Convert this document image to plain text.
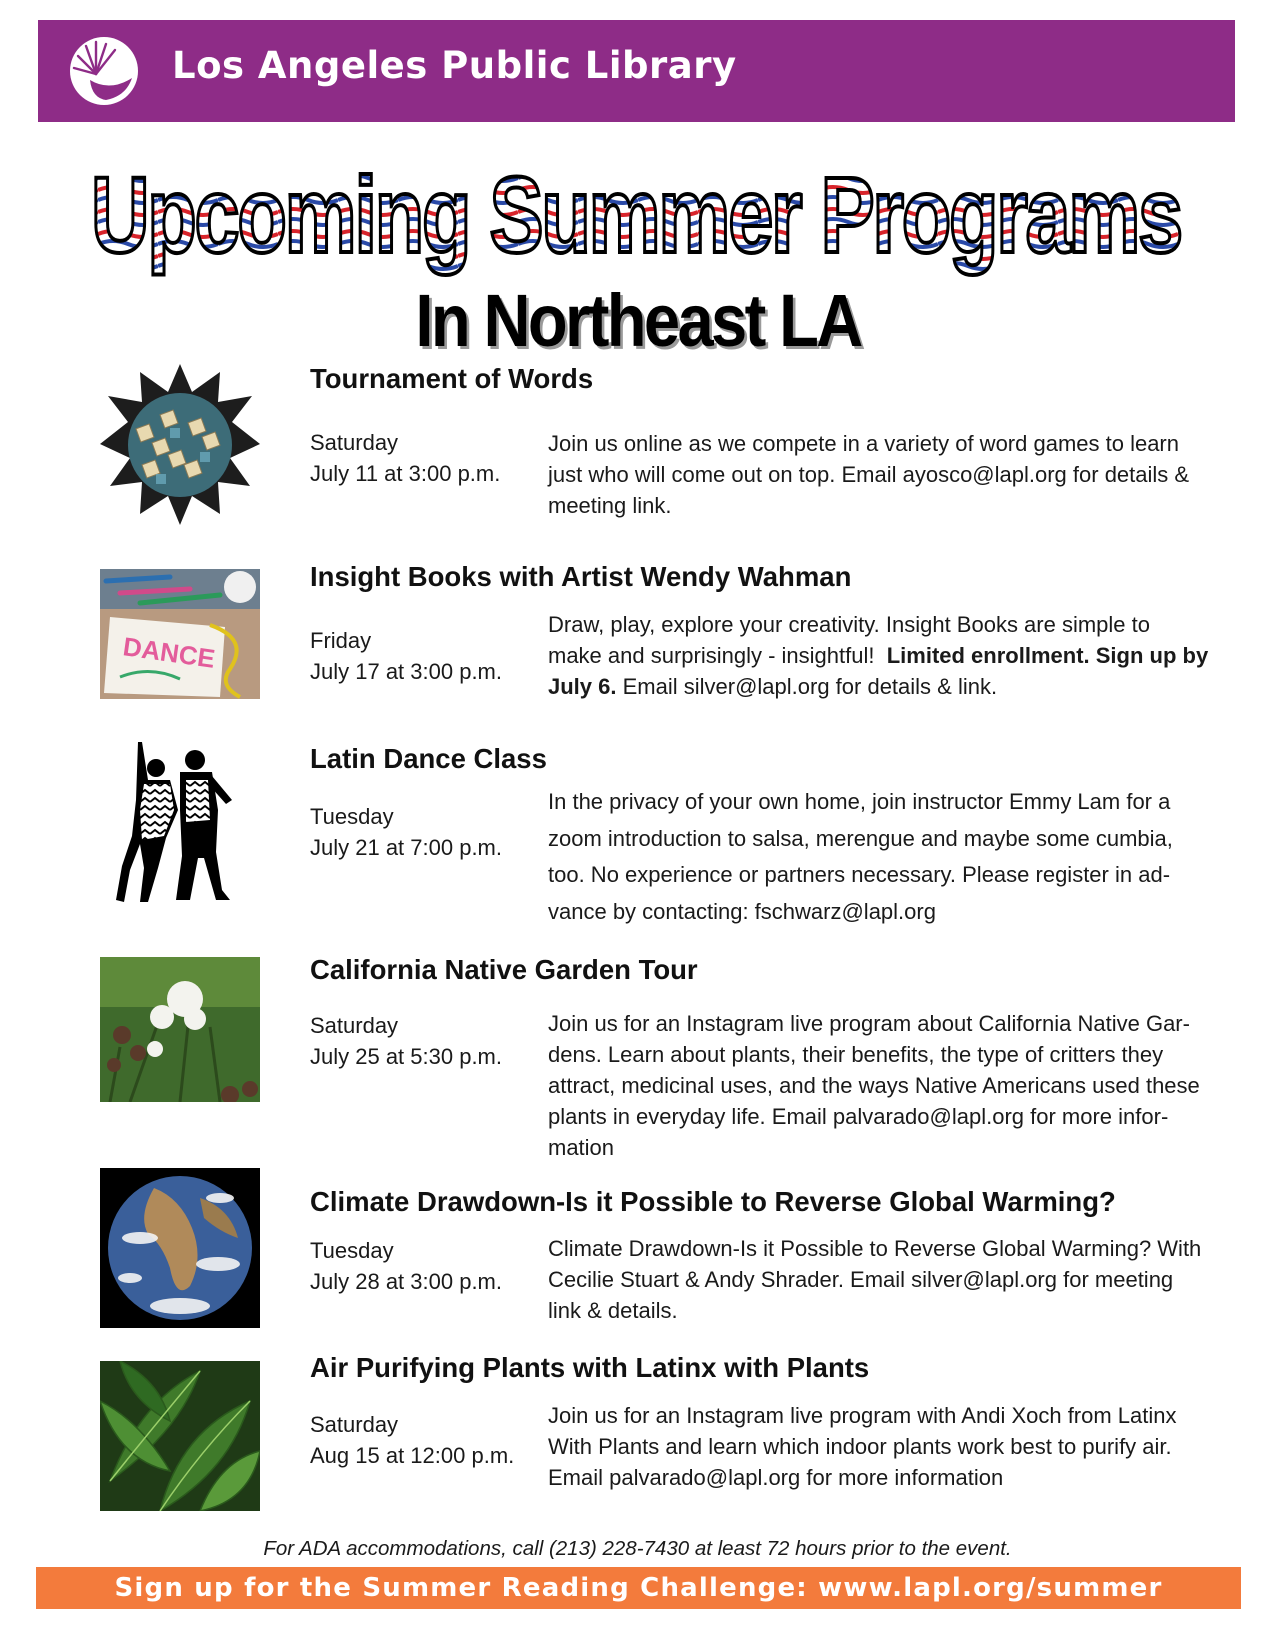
Los Angeles Public Library
Upcoming Summer Programs
In Northeast LA
Tournament of Words
Saturday
July 11 at 3:00 p.m.
Join us online as we compete in a variety of word games to learn
just who will come out on top. Email ayosco@lapl.org for details &
meeting link.
DANCE
Insight Books with Artist Wendy Wahman
Friday
July 17 at 3:00 p.m.
Draw, play, explore your creativity. Insight Books are simple to
make and surprisingly - insightful! Limited enrollment. Sign up by
July 6. Email silver@lapl.org for details & link.
Latin Dance Class
Tuesday
July 21 at 7:00 p.m.
In the privacy of your own home, join instructor Emmy Lam for a
zoom introduction to salsa, merengue and maybe some cumbia,
too. No experience or partners necessary. Please register in ad-
vance by contacting: fschwarz@lapl.org
California Native Garden Tour
Saturday
July 25 at 5:30 p.m.
Join us for an Instagram live program about California Native Gar-
dens. Learn about plants, their benefits, the type of critters they
attract, medicinal uses, and the ways Native Americans used these
plants in everyday life. Email palvarado@lapl.org for more infor-
mation
Climate Drawdown-Is it Possible to Reverse Global Warming?
Tuesday
July 28 at 3:00 p.m.
Climate Drawdown-Is it Possible to Reverse Global Warming? With
Cecilie Stuart & Andy Shrader. Email silver@lapl.org for meeting
link & details.
Air Purifying Plants with Latinx with Plants
Saturday
Aug 15 at 12:00 p.m.
Join us for an Instagram live program with Andi Xoch from Latinx
With Plants and learn which indoor plants work best to purify air.
Email palvarado@lapl.org for more information
For ADA accommodations, call (213) 228-7430 at least 72 hours prior to the event.
Sign up for the Summer Reading Challenge: www.lapl.org/summer
